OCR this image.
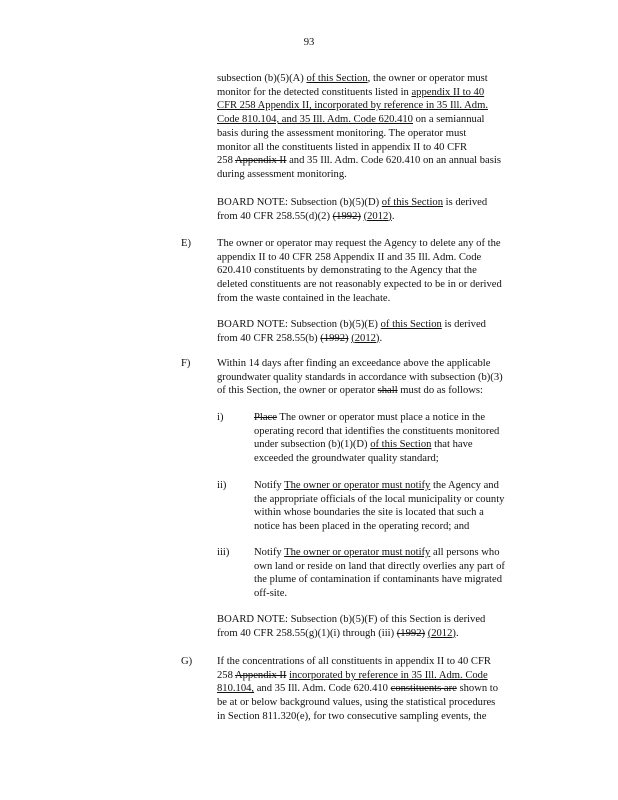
93
subsection (b)(5)(A) of this Section, the owner or operator must
monitor for the detected constituents listed in appendix II to 40
CFR 258 Appendix II, incorporated by reference in 35 Ill. Adm.
Code 810.104, and 35 Ill. Adm. Code 620.410 on a semiannual
basis during the assessment monitoring. The operator must
monitor all the constituents listed in appendix II to 40 CFR
258 Appendix II and 35 Ill. Adm. Code 620.410 on an annual basis
during assessment monitoring.
BOARD NOTE: Subsection (b)(5)(D) of this Section is derived
from 40 CFR 258.55(d)(2) (1992) (2012).
E) The owner or operator may request the Agency to delete any of the
appendix II to 40 CFR 258 Appendix II and 35 Ill. Adm. Code
620.410 constituents by demonstrating to the Agency that the
deleted constituents are not reasonably expected to be in or derived
from the waste contained in the leachate.
BOARD NOTE: Subsection (b)(5)(E) of this Section is derived
from 40 CFR 258.55(b) (1992) (2012).
F)	Within 14 days after finding an exceedance above the applicable
groundwater quality standards in accordance with subsection (b)(3)
of this Section, the owner or operator shall must do as follows:
i)	Place The owner or operator must place a notice in the
operating record that identifies the constituents monitored
under subsection (b)(1)(D) of this Section that have
exceeded the groundwater quality standard;
ii)	Notify The owner or operator must notify the Agency and
the appropriate officials of the local municipality or county
within whose boundaries the site is located that such a
notice has been placed in the operating record; and
iii) Notify The owner or operator must notify all persons who
own land or reside on land that directly overlies any part of
the plume of contamination if contaminants have migrated
off-site.
BOARD NOTE: Subsection (b)(5)(F) of this Section is derived
from 40 CFR 258.55(g)(1)(i) through (iii) (1992) (2012).
G) If the concentrations of all constituents in appendix II to 40 CFR
258 Appendix II incorporated by reference in 35 Ill. Adm. Code
810.104, and 35 Ill. Adm. Code 620.410 constituents are shown to
be at or below background values, using the statistical procedures
in Section 811.320(e), for two consecutive sampling events, the
